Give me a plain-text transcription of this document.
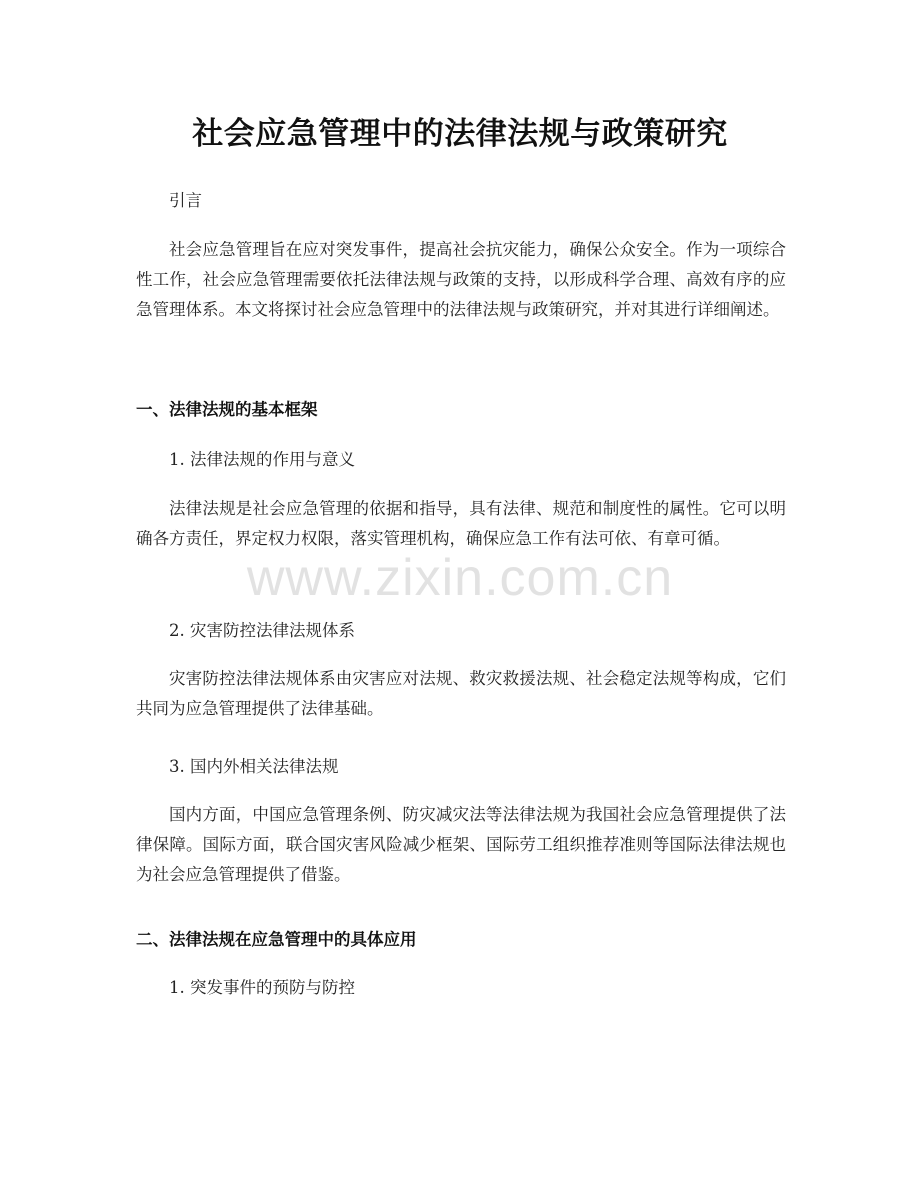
社会应急管理中的法律法规与政策研究
www.zixin.com.cn

引言

社会应急管理旨在应对突发事件，提高社会抗灾能力，确保公众安全。作为一项综合性工作，社会应急管理需要依托法律法规与政策的支持，以形成科学合理、高效有序的应急管理体系。本文将探讨社会应急管理中的法律法规与政策研究，并对其进行详细阐述。

一、法律法规的基本框架

1. 法律法规的作用与意义

法律法规是社会应急管理的依据和指导，具有法律、规范和制度性的属性。它可以明确各方责任，界定权力权限，落实管理机构，确保应急工作有法可依、有章可循。

2. 灾害防控法律法规体系

灾害防控法律法规体系由灾害应对法规、救灾救援法规、社会稳定法规等构成，它们共同为应急管理提供了法律基础。

3. 国内外相关法律法规

国内方面，中国应急管理条例、防灾减灾法等法律法规为我国社会应急管理提供了法律保障。国际方面，联合国灾害风险减少框架、国际劳工组织推荐准则等国际法律法规也为社会应急管理提供了借鉴。

二、法律法规在应急管理中的具体应用

1. 突发事件的预防与防控
